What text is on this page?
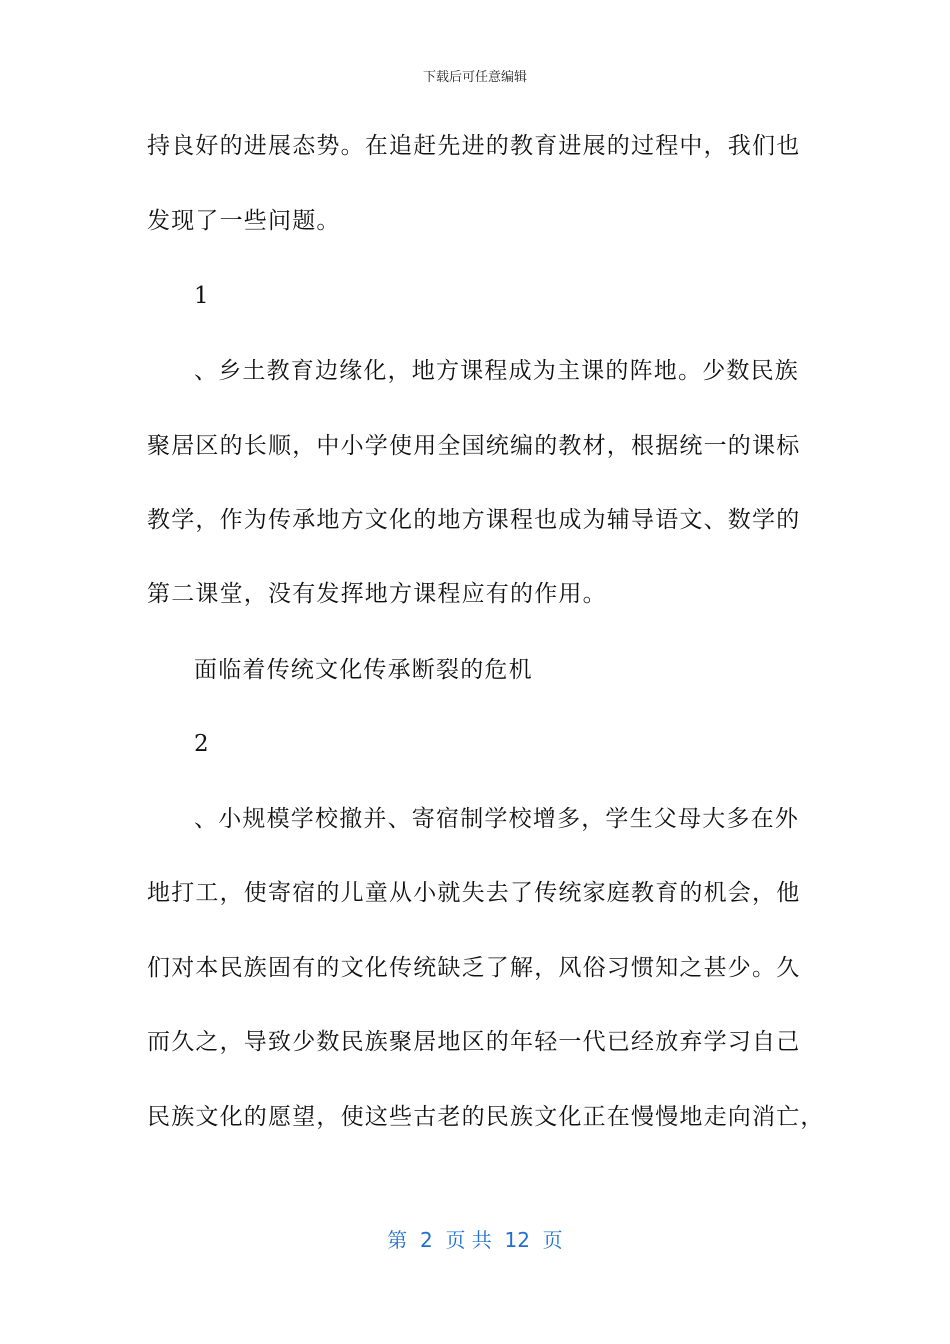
下载后可任意编辑
持良好的进展态势。在追赶先进的教育进展的过程中，我们也
发现了一些问题。
1
、乡土教育边缘化，地方课程成为主课的阵地。少数民族
聚居区的长顺，中小学使用全国统编的教材，根据统一的课标
教学，作为传承地方文化的地方课程也成为辅导语文、数学的
第二课堂，没有发挥地方课程应有的作用。
面临着传统文化传承断裂的危机
2
、小规模学校撤并、寄宿制学校增多，学生父母大多在外
地打工，使寄宿的儿童从小就失去了传统家庭教育的机会，他
们对本民族固有的文化传统缺乏了解，风俗习惯知之甚少。久
而久之，导致少数民族聚居地区的年轻一代已经放弃学习自己
民族文化的愿望，使这些古老的民族文化正在慢慢地走向消亡，
第  2  页 共  12  页
